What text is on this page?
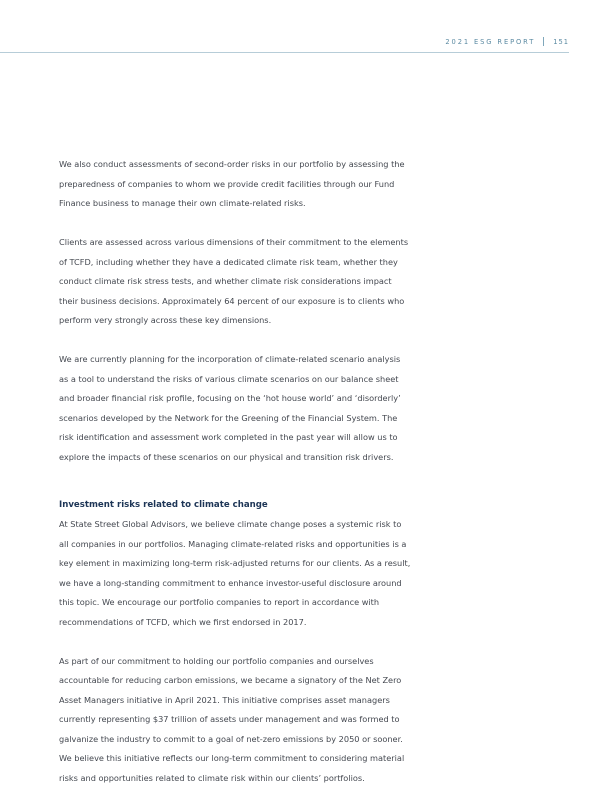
2021 ESG REPORT	151

We also conduct assessments of second-order risks in our portfolio by assessing the preparedness of companies to whom we provide credit facilities through our Fund Finance business to manage their own climate-related risks.

Clients are assessed across various dimensions of their commitment to the elements of TCFD, including whether they have a dedicated climate risk team, whether they conduct climate risk stress tests, and whether climate risk considerations impact their business decisions. Approximately 64 percent of our exposure is to clients who perform very strongly across these key dimensions.

We are currently planning for the incorporation of climate-related scenario analysis as a tool to understand the risks of various climate scenarios on our balance sheet and broader financial risk profile, focusing on the ‘hot house world’ and ‘disorderly’ scenarios developed by the Network for the Greening of the Financial System. The risk identification and assessment work completed in the past year will allow us to explore the impacts of these scenarios on our physical and transition risk drivers.

Investment risks related to climate change

At State Street Global Advisors, we believe climate change poses a systemic risk to all companies in our portfolios. Managing climate-related risks and opportunities is a key element in maximizing long-term risk-adjusted returns for our clients. As a result, we have a long-standing commitment to enhance investor-useful disclosure around this topic. We encourage our portfolio companies to report in accordance with recommendations of TCFD, which we first endorsed in 2017.

As part of our commitment to holding our portfolio companies and ourselves accountable for reducing carbon emissions, we became a signatory of the Net Zero Asset Managers initiative in April 2021. This initiative comprises asset managers currently representing $37 trillion of assets under management and was formed to galvanize the industry to commit to a goal of net-zero emissions by 2050 or sooner. We believe this initiative reflects our long-term commitment to considering material risks and opportunities related to climate risk within our clients’ portfolios.
